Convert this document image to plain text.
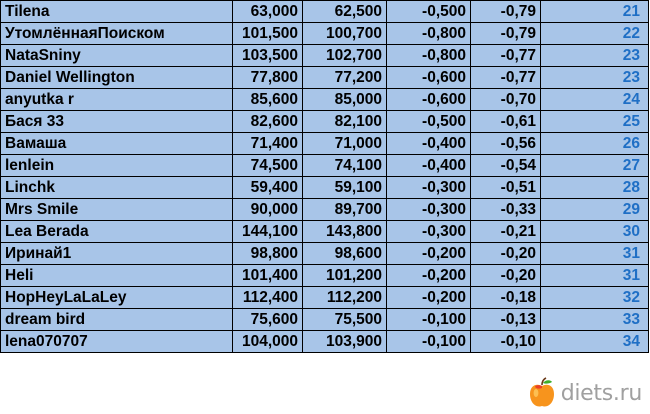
Tilena	63,000	62,500	-0,500	-0,79	21
УтомлённаяПоиском	101,500	100,700	-0,800	-0,79	22
NataSniny	103,500	102,700	-0,800	-0,77	23
Daniel Wellington	77,800	77,200	-0,600	-0,77	23
anyutka r	85,600	85,000	-0,600	-0,70	24
Бася 33	82,600	82,100	-0,500	-0,61	25
Вамаша	71,400	71,000	-0,400	-0,56	26
lenlein	74,500	74,100	-0,400	-0,54	27
Linchk	59,400	59,100	-0,300	-0,51	28
Mrs Smile	90,000	89,700	-0,300	-0,33	29
Lea Berada	144,100	143,800	-0,300	-0,21	30
Иринай1	98,800	98,600	-0,200	-0,20	31
Heli	101,400	101,200	-0,200	-0,20	31
HopHeyLaLaLey	112,400	112,200	-0,200	-0,18	32
dream bird	75,600	75,500	-0,100	-0,13	33
lena070707	104,000	103,900	-0,100	-0,10	34
diets.ru
